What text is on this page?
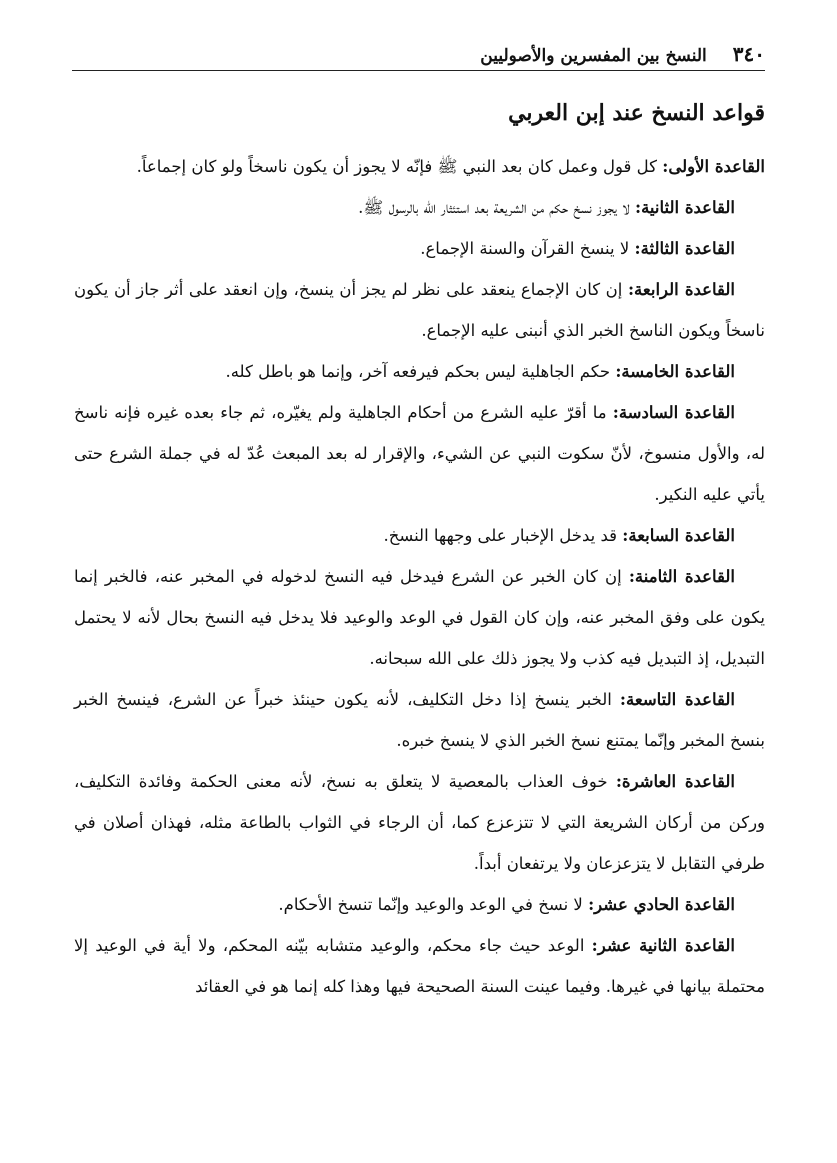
٣٤٠
النسخ بين المفسرين والأصوليين
قواعد النسخ عند إبن العربي

القاعدة الأولى: كل قول وعمل كان بعد النبي ﷺ فإنّه لا يجوز أن يكون ناسخاً ولو كان إجماعاً.

القاعدة الثانية: لا يجوز نسخ حكم من الشريعة بعد استئثار الله بالرسول ﷺ.

القاعدة الثالثة: لا ينسخ القرآن والسنة الإجماع.

القاعدة الرابعة: إن كان الإجماع ينعقد على نظر لم يجز أن ينسخ، وإن انعقد على أثر جاز أن يكون ناسخاً ويكون الناسخ الخبر الذي أنبنى عليه الإجماع.

القاعدة الخامسة: حكم الجاهلية ليس بحكم فيرفعه آخر، وإنما هو باطل كله.

القاعدة السادسة: ما أقرّ عليه الشرع من أحكام الجاهلية ولم يغيّره، ثم جاء بعده غيره فإنه ناسخ له، والأول منسوخ، لأنّ سكوت النبي عن الشيء، والإقرار له بعد المبعث عُدّ له في جملة الشرع حتى يأتي عليه النكير.

القاعدة السابعة: قد يدخل الإخبار على وجهها النسخ.

القاعدة الثامنة: إن كان الخبر عن الشرع فيدخل فيه النسخ لدخوله في المخبر عنه، فالخبر إنما يكون على وفق المخبر عنه، وإن كان القول في الوعد والوعيد فلا يدخل فيه النسخ بحال لأنه لا يحتمل التبديل، إذ التبديل فيه كذب ولا يجوز ذلك على الله سبحانه.

القاعدة التاسعة: الخبر ينسخ إذا دخل التكليف، لأنه يكون حينئذ خبراً عن الشرع، فينسخ الخبر بنسخ المخبر وإنّما يمتنع نسخ الخبر الذي لا ينسخ خبره.

القاعدة العاشرة: خوف العذاب بالمعصية لا يتعلق به نسخ، لأنه معنى الحكمة وفائدة التكليف، وركن من أركان الشريعة التي لا تتزعزع كما، أن الرجاء في الثواب بالطاعة مثله، فهذان أصلان في طرفي التقابل لا يتزعزعان ولا يرتفعان أبداً.

القاعدة الحادي عشر: لا نسخ في الوعد والوعيد وإنّما تنسخ الأحكام.

القاعدة الثانية عشر: الوعد حيث جاء محكم، والوعيد متشابه بيّنه المحكم، ولا أية في الوعيد إلا محتملة بيانها في غيرها. وفيما عينت السنة الصحيحة فيها وهذا كله إنما هو في العقائد
